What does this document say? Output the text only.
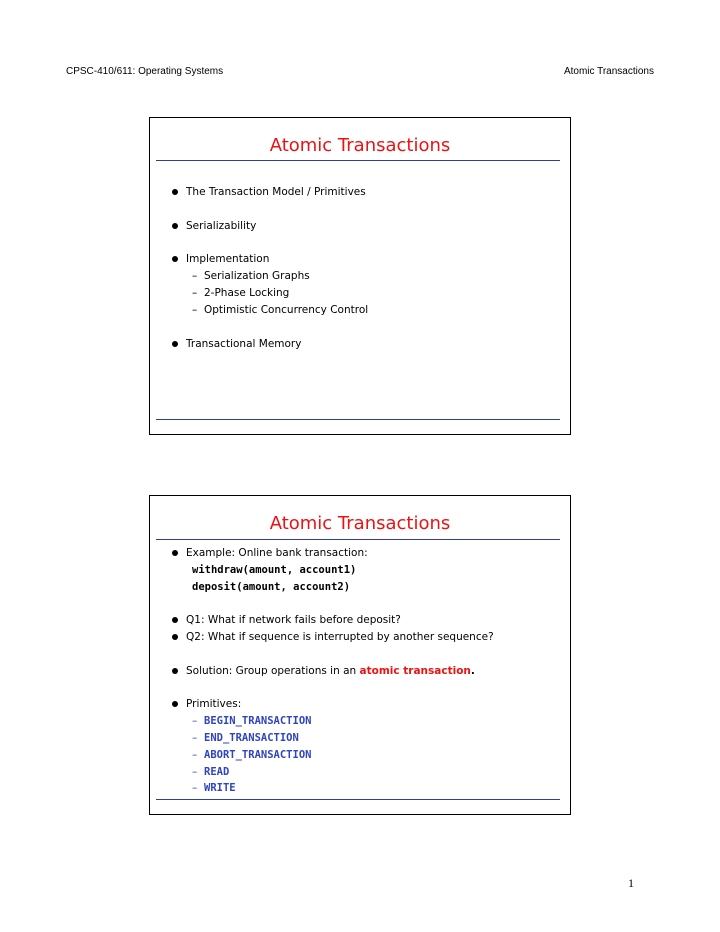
CPSC-410/611: Operating Systems	Atomic Transactions
Atomic Transactions
The Transaction Model / Primitives
Serializability
Implementation
– Serialization Graphs
– 2-Phase Locking
– Optimistic Concurrency Control
Transactional Memory
Atomic Transactions
Example: Online bank transaction:
withdraw(amount, account1)
deposit(amount, account2)
Q1: What if network fails before deposit?
Q2: What if sequence is interrupted by another sequence?
Solution: Group operations in an atomic transaction.
Primitives:
– BEGIN_TRANSACTION
– END_TRANSACTION
– ABORT_TRANSACTION
– READ
– WRITE
1
